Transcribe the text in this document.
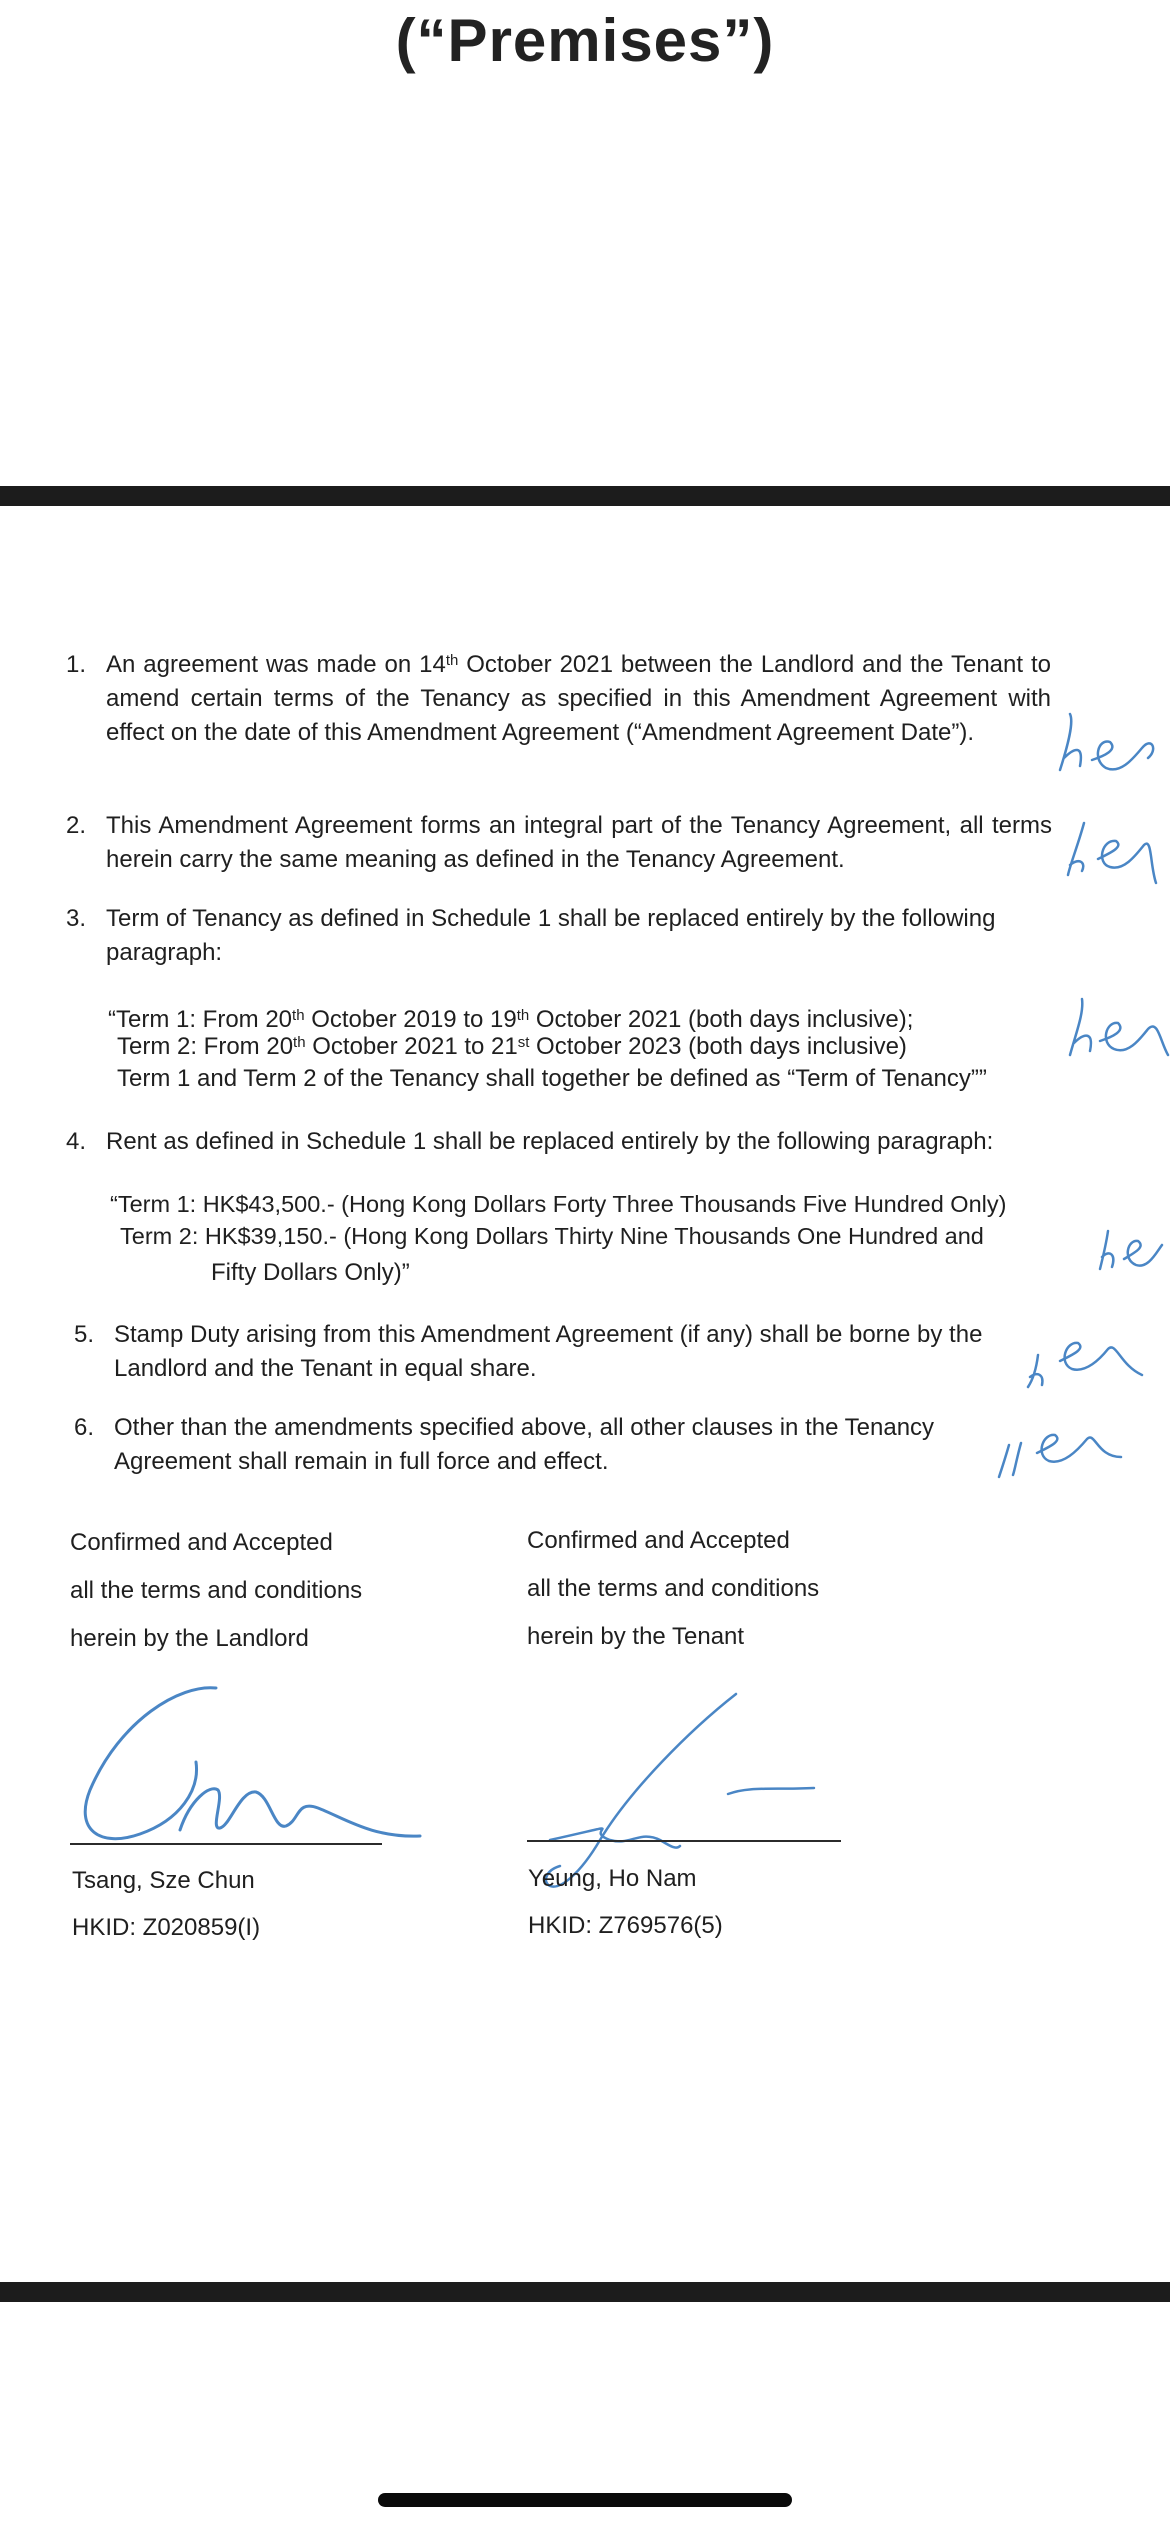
(“Premises”)
1. An agreement was made on 14th October 2021 between the Landlord and the Tenant to amend certain terms of the Tenancy as specified in this Amendment Agreement with effect on the date of this Amendment Agreement (“Amendment Agreement Date”).
2. This Amendment Agreement forms an integral part of the Tenancy Agreement, all terms herein carry the same meaning as defined in the Tenancy Agreement.
3. Term of Tenancy as defined in Schedule 1 shall be replaced entirely by the following paragraph:
“Term 1: From 20th October 2019 to 19th October 2021 (both days inclusive);
Term 2: From 20th October 2021 to 21st October 2023 (both days inclusive)
Term 1 and Term 2 of the Tenancy shall together be defined as “Term of Tenancy””
4. Rent as defined in Schedule 1 shall be replaced entirely by the following paragraph:
“Term 1: HK$43,500.- (Hong Kong Dollars Forty Three Thousands Five Hundred Only)
Term 2: HK$39,150.- (Hong Kong Dollars Thirty Nine Thousands One Hundred and
Fifty Dollars Only)”
5. Stamp Duty arising from this Amendment Agreement (if any) shall be borne by the Landlord and the Tenant in equal share.
6. Other than the amendments specified above, all other clauses in the Tenancy Agreement shall remain in full force and effect.
Confirmed and Accepted
all the terms and conditions
herein by the Landlord
Confirmed and Accepted
all the terms and conditions
herein by the Tenant
Tsang, Sze Chun
HKID: Z020859(I)
Yeung, Ho Nam
HKID: Z769576(5)
